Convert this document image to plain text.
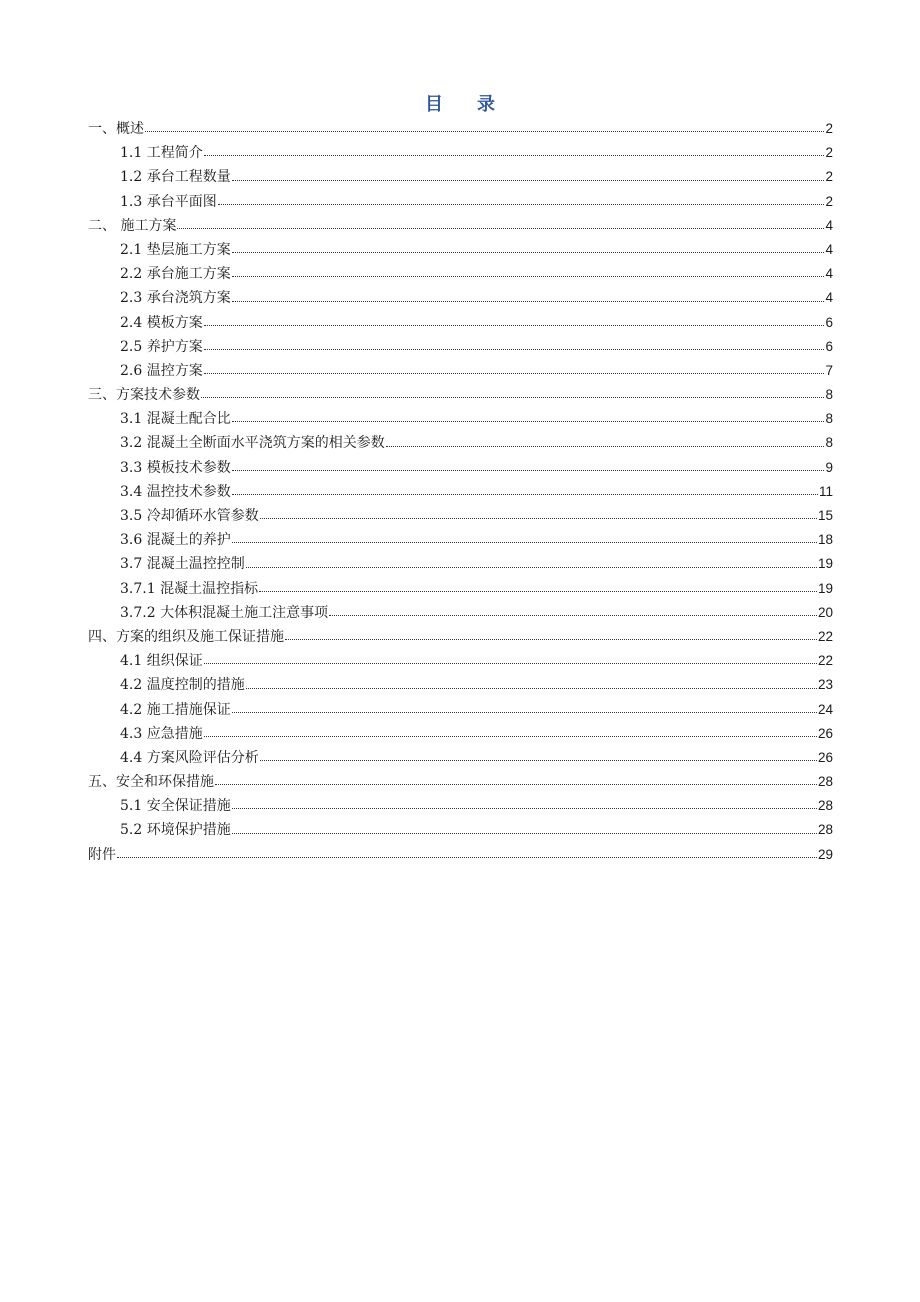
目 录
一、概述	2
1.1 工程简介	2
1.2 承台工程数量	2
1.3 承台平面图	2
二、 施工方案	4
2.1 垫层施工方案	4
2.2 承台施工方案	4
2.3 承台浇筑方案	4
2.4 模板方案	6
2.5 养护方案	6
2.6 温控方案	7
三、方案技术参数	8
3.1 混凝土配合比	8
3.2 混凝土全断面水平浇筑方案的相关参数	8
3.3 模板技术参数	9
3.4 温控技术参数	11
3.5 冷却循环水管参数	15
3.6 混凝土的养护	18
3.7 混凝土温控控制	19
3.7.1 混凝土温控指标	19
3.7.2 大体积混凝土施工注意事项	20
四、方案的组织及施工保证措施	22
4.1 组织保证	22
4.2 温度控制的措施	23
4.2 施工措施保证	24
4.3 应急措施	26
4.4 方案风险评估分析	26
五、安全和环保措施	28
5.1 安全保证措施	28
5.2 环境保护措施	28
附件	29
